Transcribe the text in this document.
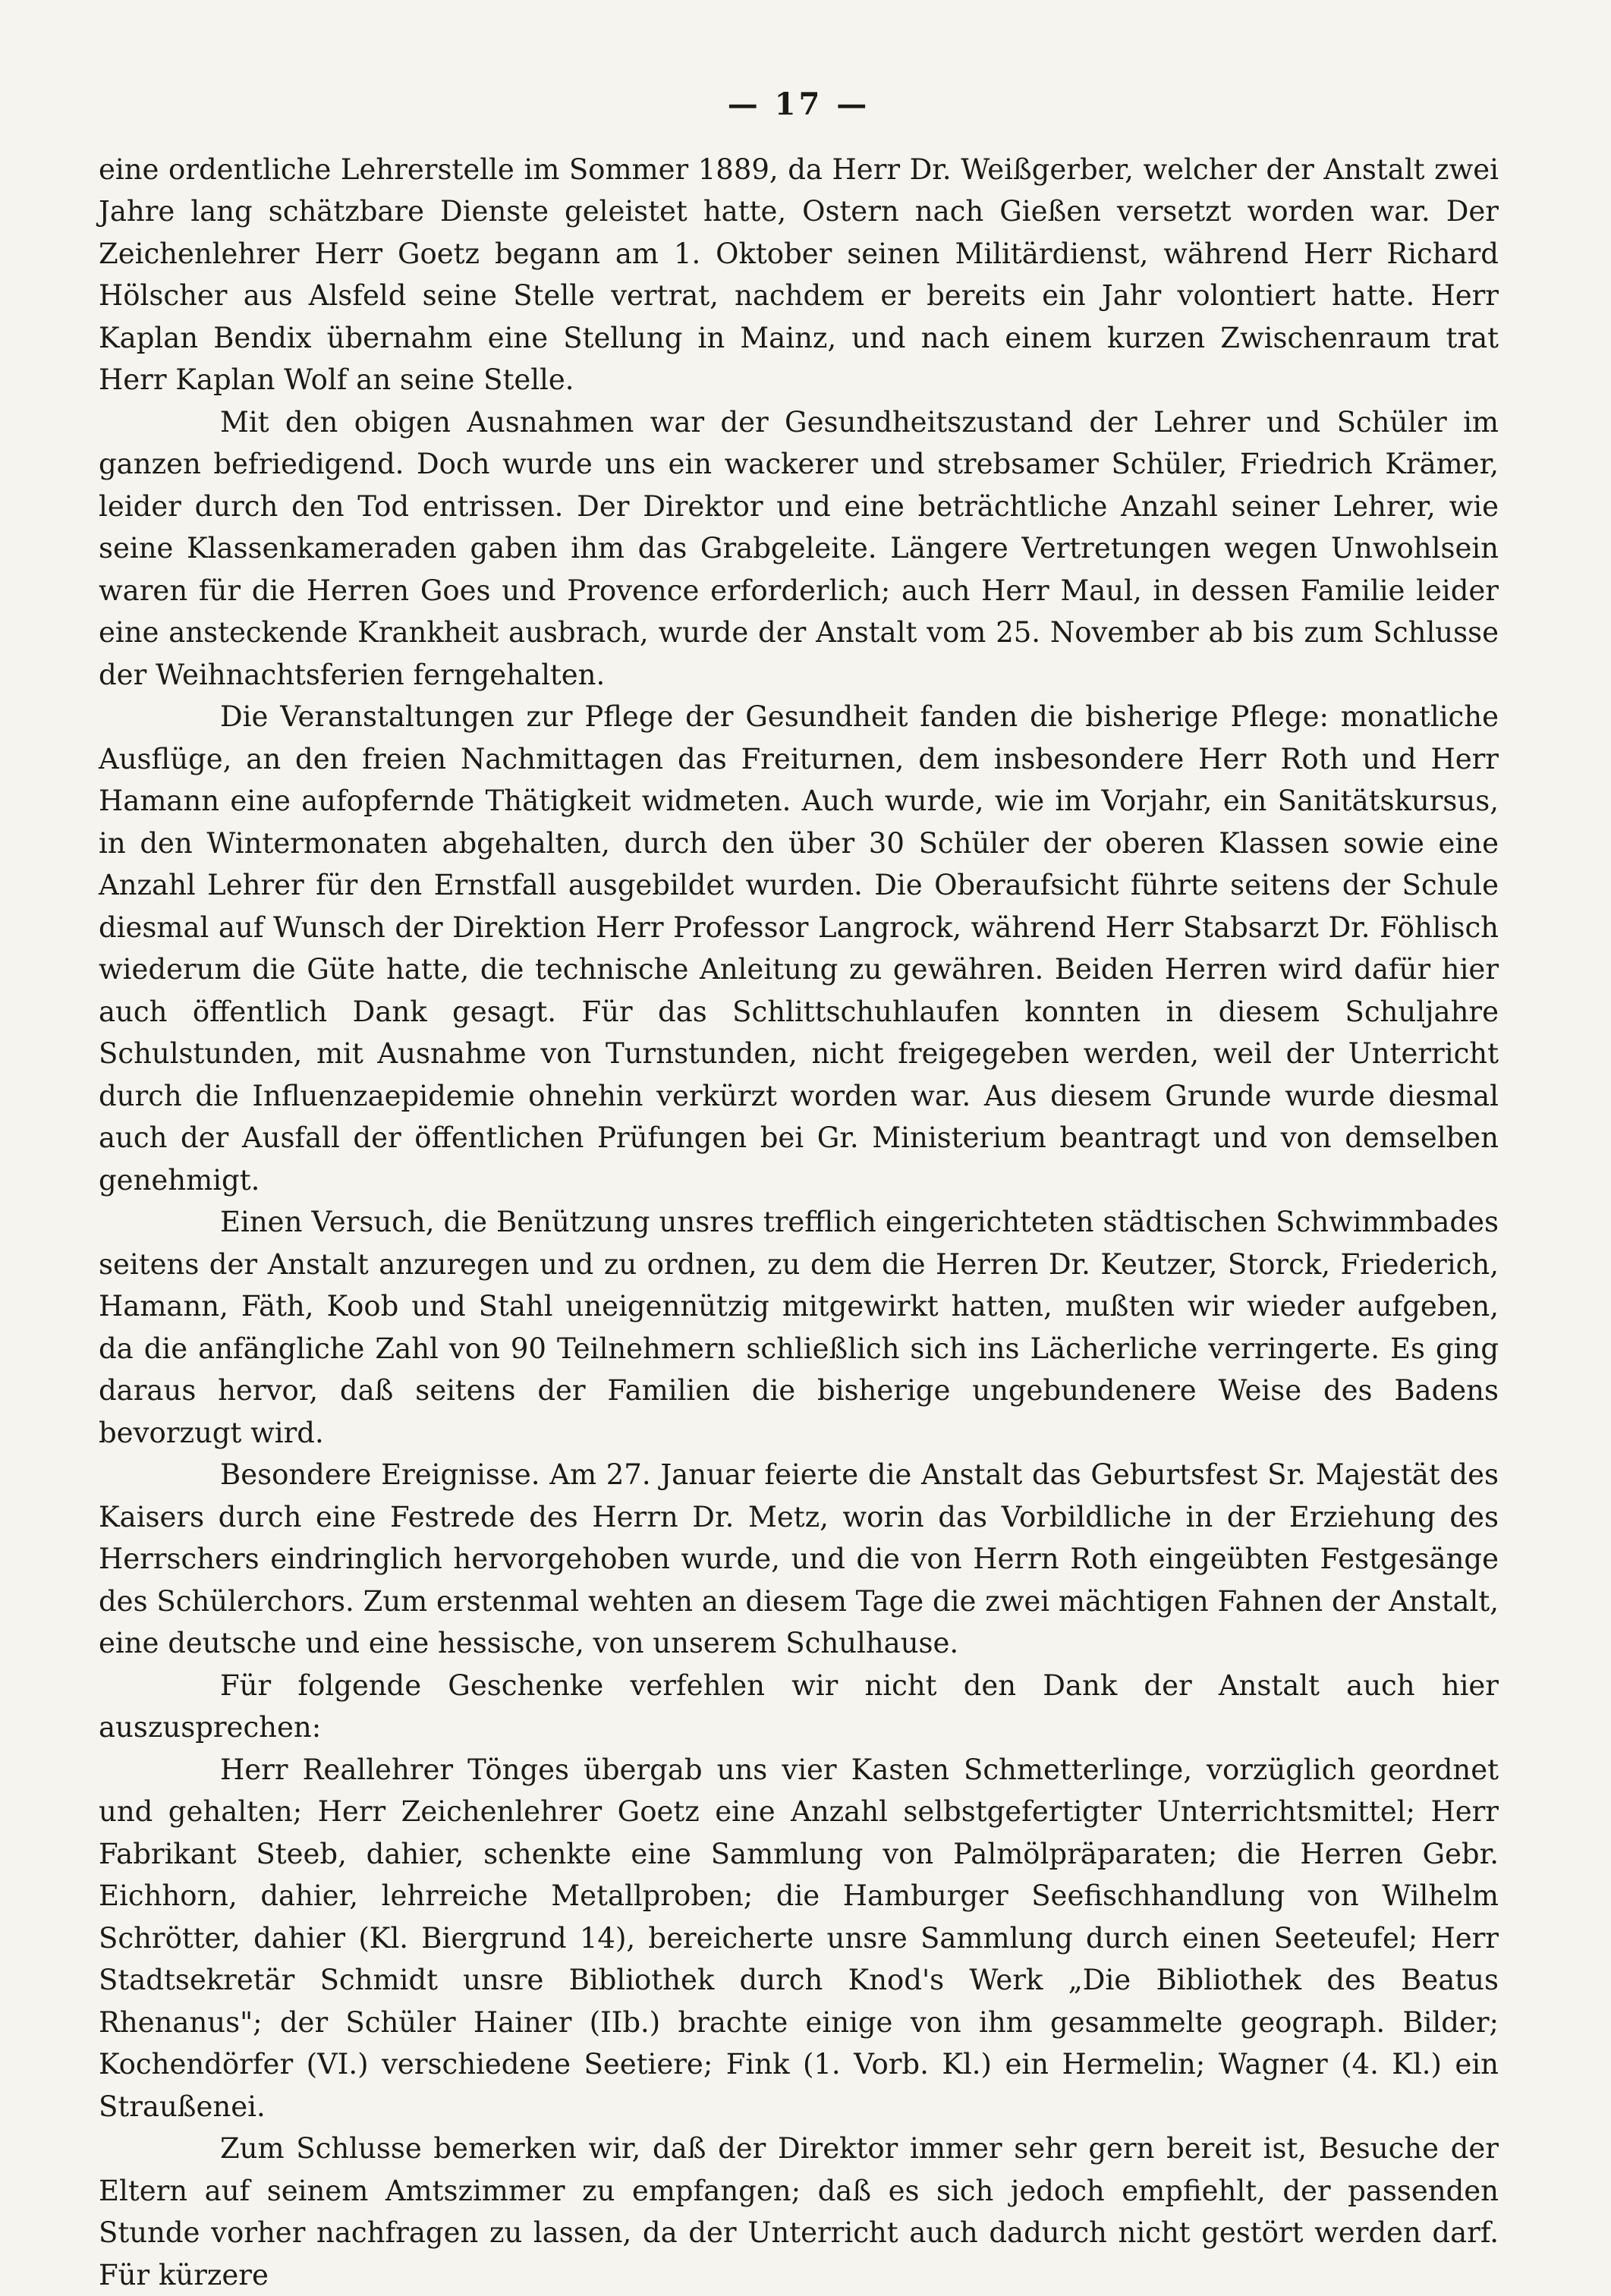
— 17 —

eine ordentliche Lehrerstelle im Sommer 1889, da Herr Dr. Weißgerber, welcher der Anstalt zwei Jahre lang schätzbare Dienste geleistet hatte, Ostern nach Gießen versetzt worden war. Der Zeichenlehrer Herr Goetz begann am 1. Oktober seinen Militärdienst, während Herr Richard Hölscher aus Alsfeld seine Stelle vertrat, nachdem er bereits ein Jahr volontiert hatte. Herr Kaplan Bendix übernahm eine Stellung in Mainz, und nach einem kurzen Zwischenraum trat Herr Kaplan Wolf an seine Stelle.

Mit den obigen Ausnahmen war der Gesundheitszustand der Lehrer und Schüler im ganzen befriedigend. Doch wurde uns ein wackerer und strebsamer Schüler, Friedrich Krämer, leider durch den Tod entrissen. Der Direktor und eine beträchtliche Anzahl seiner Lehrer, wie seine Klassenkameraden gaben ihm das Grabgeleite. Längere Vertretungen wegen Unwohlsein waren für die Herren Goes und Provence erforderlich; auch Herr Maul, in dessen Familie leider eine ansteckende Krankheit ausbrach, wurde der Anstalt vom 25. November ab bis zum Schlusse der Weihnachtsferien ferngehalten.

Die Veranstaltungen zur Pflege der Gesundheit fanden die bisherige Pflege: monatliche Ausflüge, an den freien Nachmittagen das Freiturnen, dem insbesondere Herr Roth und Herr Hamann eine aufopfernde Thätigkeit widmeten. Auch wurde, wie im Vorjahr, ein Sanitätskursus, in den Wintermonaten abgehalten, durch den über 30 Schüler der oberen Klassen sowie eine Anzahl Lehrer für den Ernstfall ausgebildet wurden. Die Oberaufsicht führte seitens der Schule diesmal auf Wunsch der Direktion Herr Professor Langrock, während Herr Stabsarzt Dr. Föhlisch wiederum die Güte hatte, die technische Anleitung zu gewähren. Beiden Herren wird dafür hier auch öffentlich Dank gesagt. Für das Schlittschuhlaufen konnten in diesem Schuljahre Schulstunden, mit Ausnahme von Turnstunden, nicht freigegeben werden, weil der Unterricht durch die Influenzaepidemie ohnehin verkürzt worden war. Aus diesem Grunde wurde diesmal auch der Ausfall der öffentlichen Prüfungen bei Gr. Ministerium beantragt und von demselben genehmigt.

Einen Versuch, die Benützung unsres trefflich eingerichteten städtischen Schwimmbades seitens der Anstalt anzuregen und zu ordnen, zu dem die Herren Dr. Keutzer, Storck, Friederich, Hamann, Fäth, Koob und Stahl uneigennützig mitgewirkt hatten, mußten wir wieder aufgeben, da die anfängliche Zahl von 90 Teilnehmern schließlich sich ins Lächerliche verringerte. Es ging daraus hervor, daß seitens der Familien die bisherige ungebundenere Weise des Badens bevorzugt wird.

Besondere Ereignisse. Am 27. Januar feierte die Anstalt das Geburtsfest Sr. Majestät des Kaisers durch eine Festrede des Herrn Dr. Metz, worin das Vorbildliche in der Erziehung des Herrschers eindringlich hervorgehoben wurde, und die von Herrn Roth eingeübten Festgesänge des Schülerchors. Zum erstenmal wehten an diesem Tage die zwei mächtigen Fahnen der Anstalt, eine deutsche und eine hessische, von unserem Schulhause.

Für folgende Geschenke verfehlen wir nicht den Dank der Anstalt auch hier auszusprechen:

Herr Reallehrer Tönges übergab uns vier Kasten Schmetterlinge, vorzüglich geordnet und gehalten; Herr Zeichenlehrer Goetz eine Anzahl selbstgefertigter Unterrichtsmittel; Herr Fabrikant Steeb, dahier, schenkte eine Sammlung von Palmölpräparaten; die Herren Gebr. Eichhorn, dahier, lehrreiche Metallproben; die Hamburger Seefischhandlung von Wilhelm Schrötter, dahier (Kl. Biergrund 14), bereicherte unsre Sammlung durch einen Seeteufel; Herr Stadtsekretär Schmidt unsre Bibliothek durch Knod's Werk „Die Bibliothek des Beatus Rhenanus"; der Schüler Hainer (IIb.) brachte einige von ihm gesammelte geograph. Bilder; Kochendörfer (VI.) verschiedene Seetiere; Fink (1. Vorb. Kl.) ein Hermelin; Wagner (4. Kl.) ein Straußenei.

Zum Schlusse bemerken wir, daß der Direktor immer sehr gern bereit ist, Besuche der Eltern auf seinem Amtszimmer zu empfangen; daß es sich jedoch empfiehlt, der passenden Stunde vorher nachfragen zu lassen, da der Unterricht auch dadurch nicht gestört werden darf. Für kürzere
